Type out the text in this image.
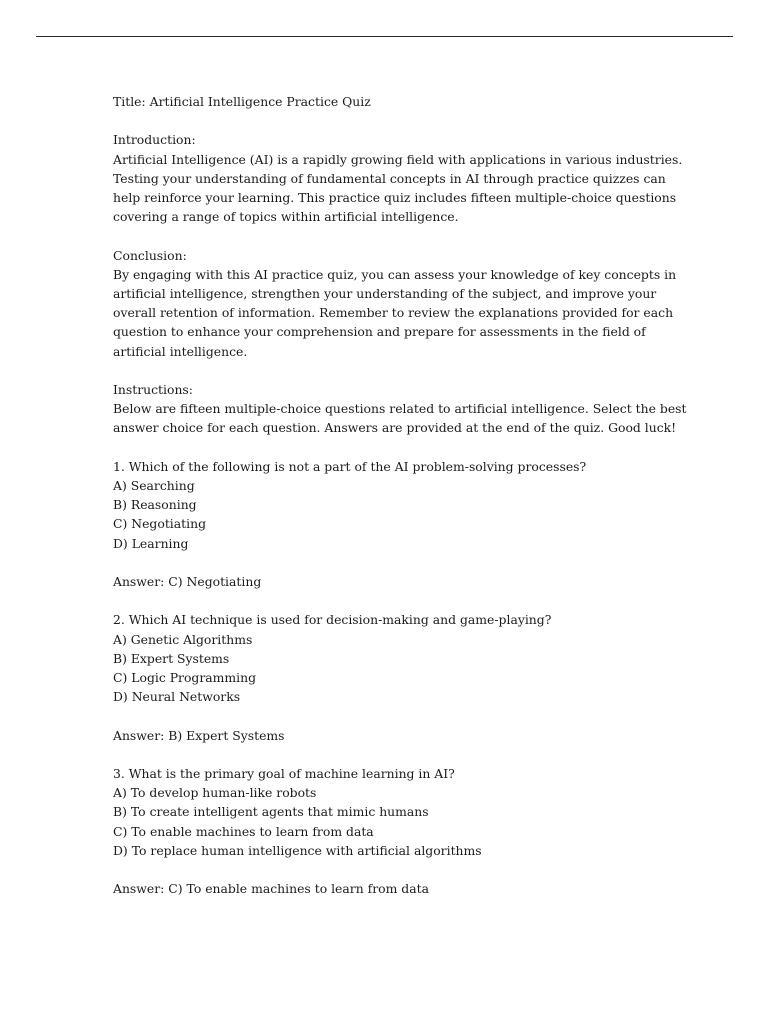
Title: Artificial Intelligence Practice Quiz
Introduction:
Artificial Intelligence (AI) is a rapidly growing field with applications in various industries.
Testing your understanding of fundamental concepts in AI through practice quizzes can
help reinforce your learning. This practice quiz includes fifteen multiple-choice questions
covering a range of topics within artificial intelligence.
Conclusion:
By engaging with this AI practice quiz, you can assess your knowledge of key concepts in
artificial intelligence, strengthen your understanding of the subject, and improve your
overall retention of information. Remember to review the explanations provided for each
question to enhance your comprehension and prepare for assessments in the field of
artificial intelligence.
Instructions:
Below are fifteen multiple-choice questions related to artificial intelligence. Select the best
answer choice for each question. Answers are provided at the end of the quiz. Good luck!
1. Which of the following is not a part of the AI problem-solving processes?
A) Searching
B) Reasoning
C) Negotiating
D) Learning
Answer: C) Negotiating
2. Which AI technique is used for decision-making and game-playing?
A) Genetic Algorithms
B) Expert Systems
C) Logic Programming
D) Neural Networks
Answer: B) Expert Systems
3. What is the primary goal of machine learning in AI?
A) To develop human-like robots
B) To create intelligent agents that mimic humans
C) To enable machines to learn from data
D) To replace human intelligence with artificial algorithms
Answer: C) To enable machines to learn from data
